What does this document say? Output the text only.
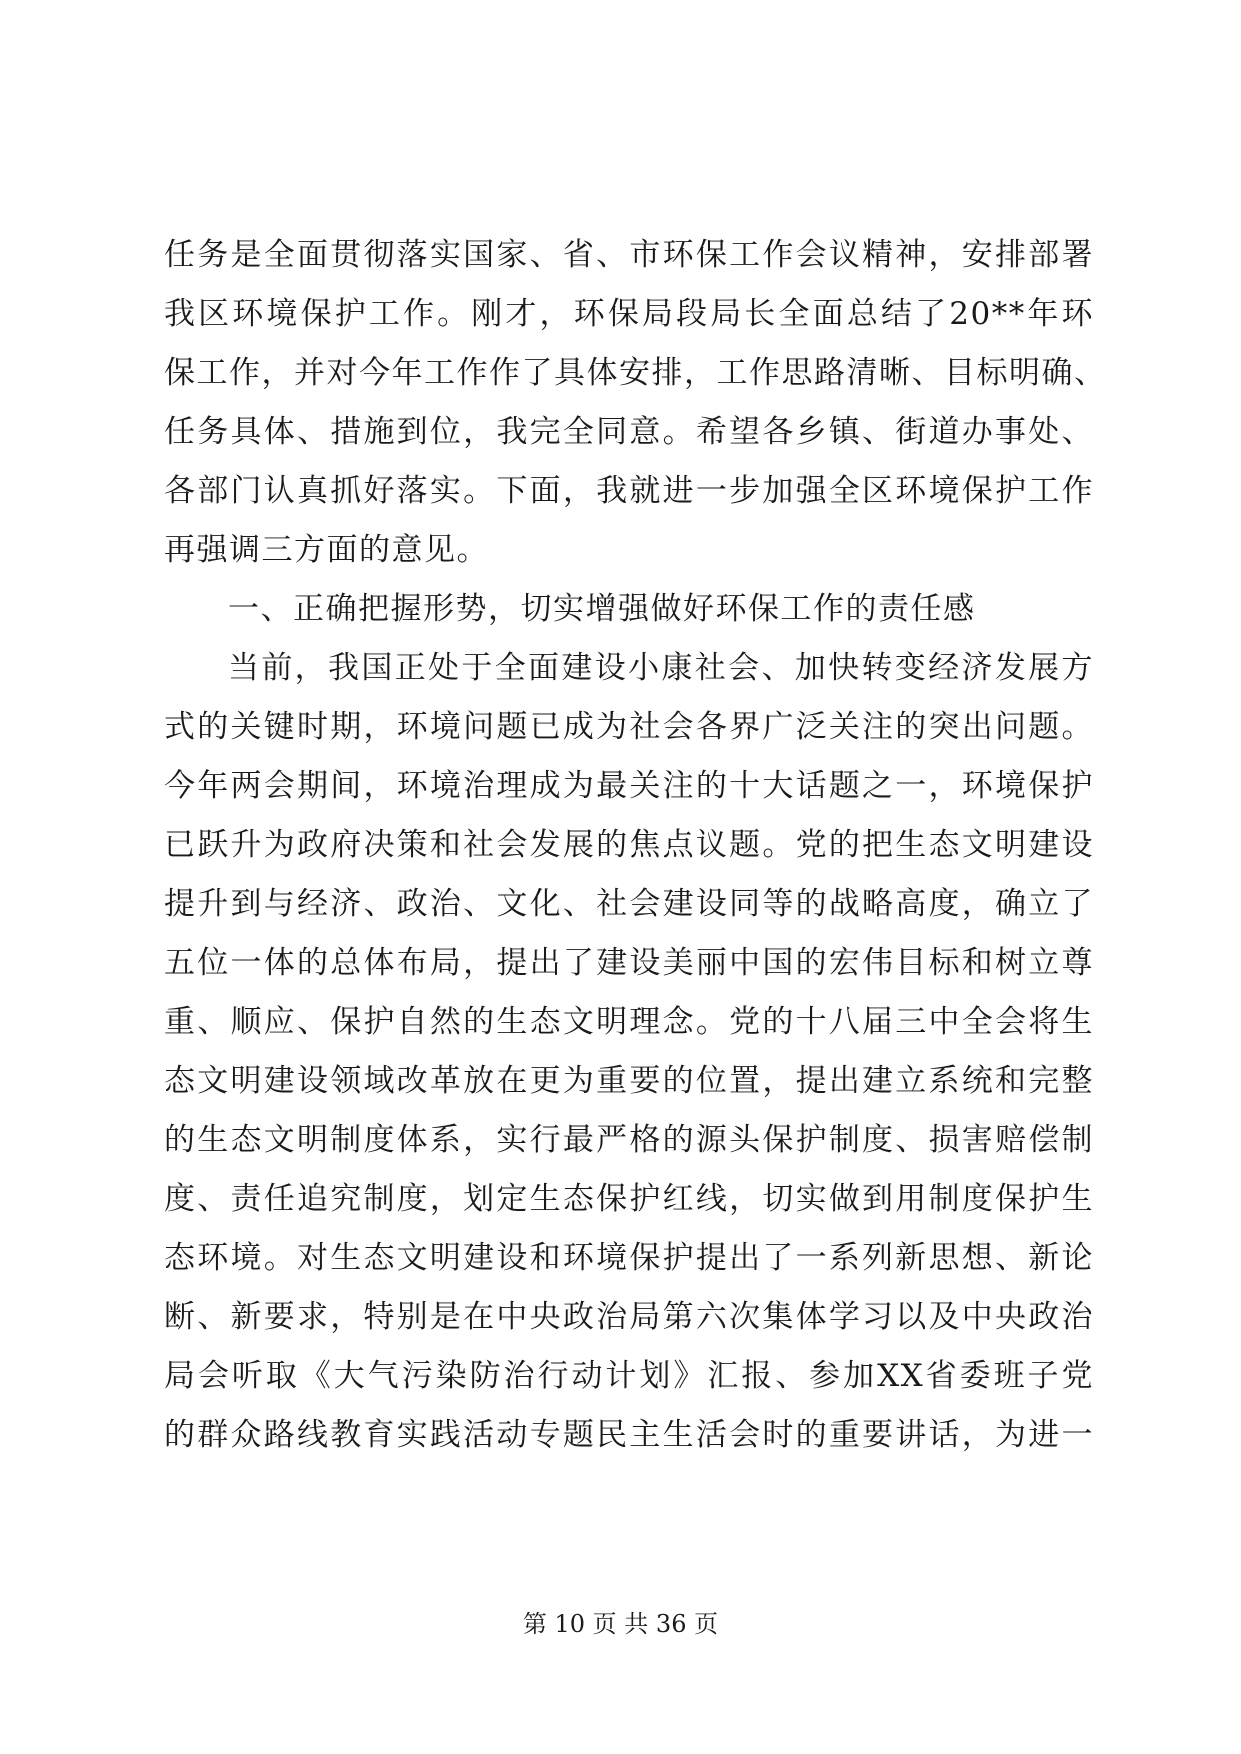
任务是全面贯彻落实国家、省、市环保工作会议精神，安排部署
我区环境保护工作。刚才，环保局段局长全面总结了20**年环
保工作，并对今年工作作了具体安排，工作思路清晰、目标明确、
任务具体、措施到位，我完全同意。希望各乡镇、街道办事处、
各部门认真抓好落实。下面，我就进一步加强全区环境保护工作
再强调三方面的意见。
一、正确把握形势，切实增强做好环保工作的责任感
当前，我国正处于全面建设小康社会、加快转变经济发展方
式的关键时期，环境问题已成为社会各界广泛关注的突出问题。
今年两会期间，环境治理成为最关注的十大话题之一，环境保护
已跃升为政府决策和社会发展的焦点议题。党的把生态文明建设
提升到与经济、政治、文化、社会建设同等的战略高度，确立了
五位一体的总体布局，提出了建设美丽中国的宏伟目标和树立尊
重、顺应、保护自然的生态文明理念。党的十八届三中全会将生
态文明建设领域改革放在更为重要的位置，提出建立系统和完整
的生态文明制度体系，实行最严格的源头保护制度、损害赔偿制
度、责任追究制度，划定生态保护红线，切实做到用制度保护生
态环境。对生态文明建设和环境保护提出了一系列新思想、新论
断、新要求，特别是在中央政治局第六次集体学习以及中央政治
局会听取《大气污染防治行动计划》汇报、参加XX省委班子党
的群众路线教育实践活动专题民主生活会时的重要讲话，为进一
第 10 页 共 36 页
